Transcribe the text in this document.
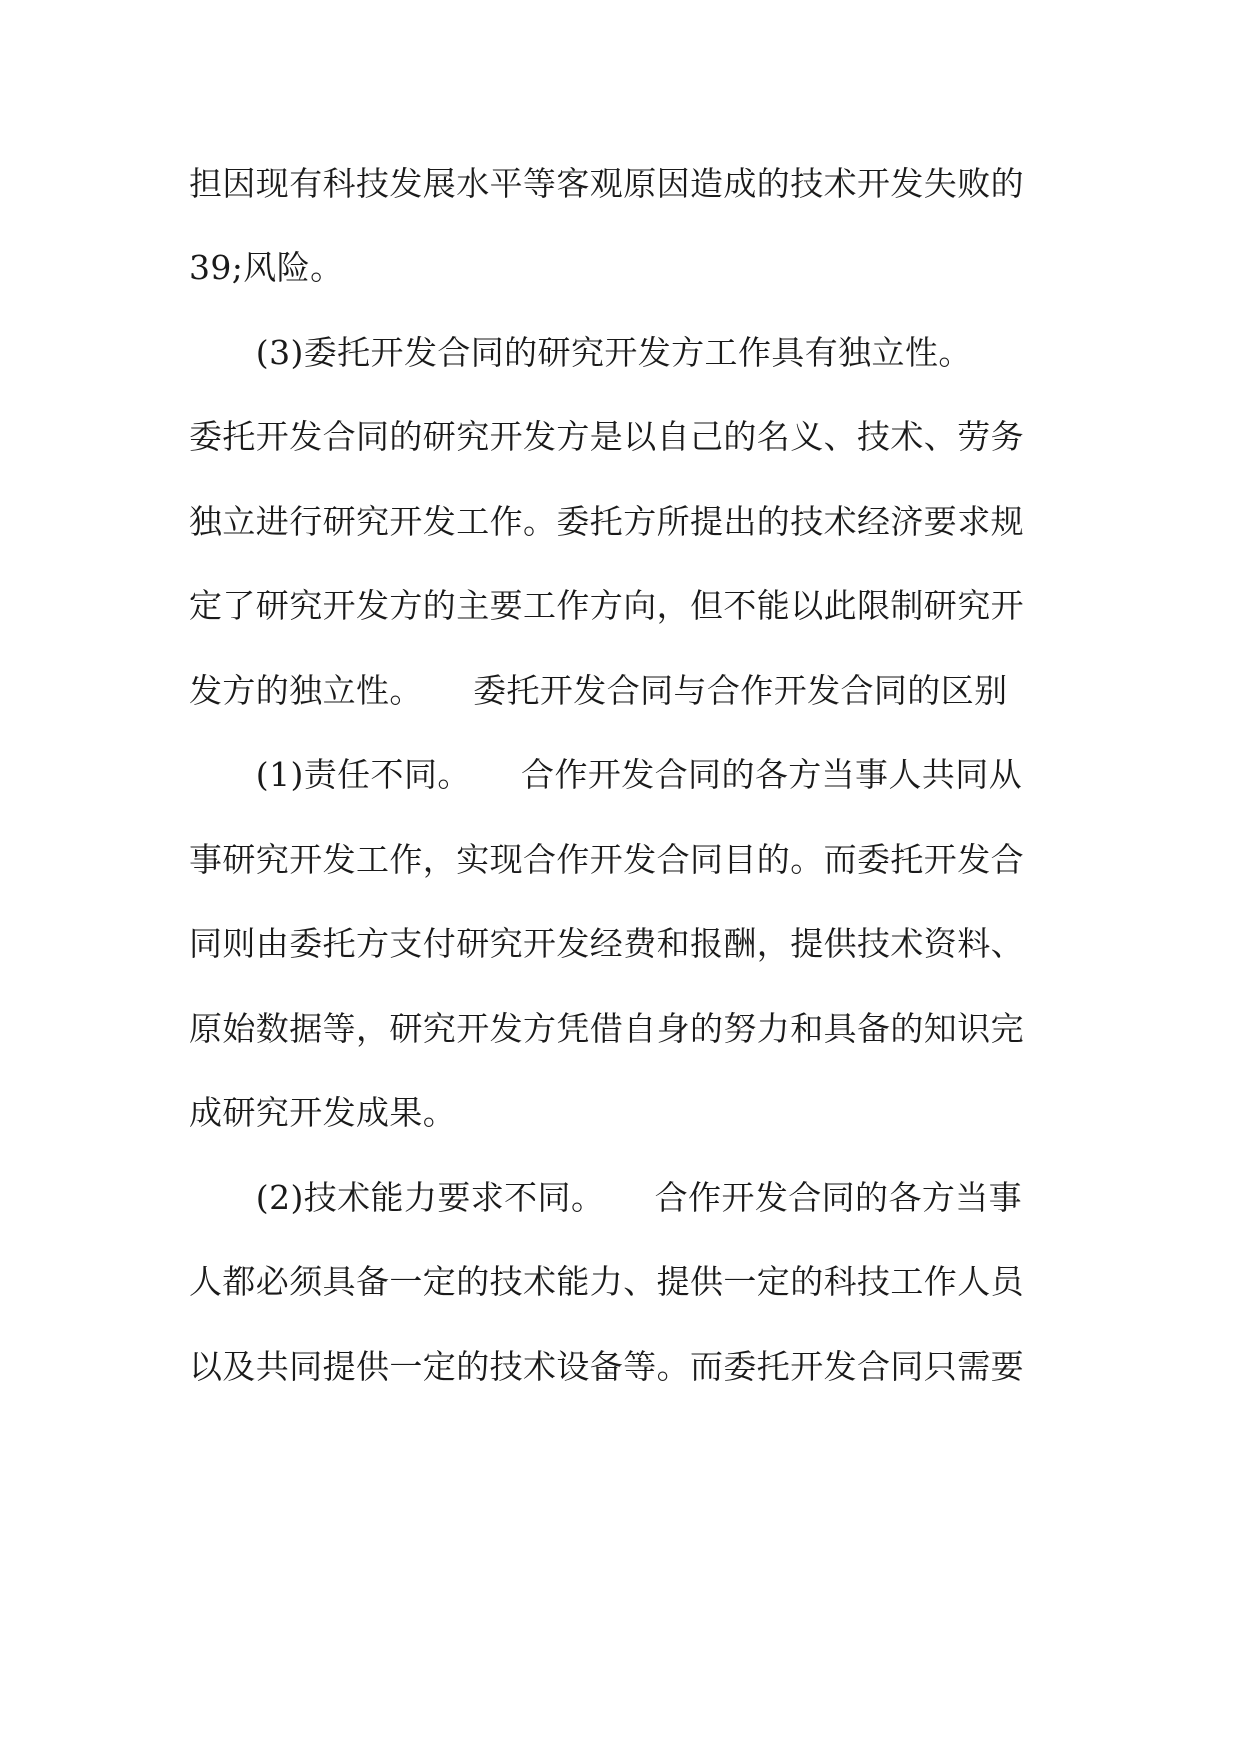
担因现有科技发展水平等客观原因造成的技术开发失败的
39;风险。
　　(3)委托开发合同的研究开发方工作具有独立性。
委托开发合同的研究开发方是以自己的名义、技术、劳务
独立进行研究开发工作。委托方所提出的技术经济要求规
定了研究开发方的主要工作方向，但不能以此限制研究开
发方的独立性。　　委托开发合同与合作开发合同的区别
　　(1)责任不同。　　合作开发合同的各方当事人共同从
事研究开发工作，实现合作开发合同目的。而委托开发合
同则由委托方支付研究开发经费和报酬，提供技术资料、
原始数据等，研究开发方凭借自身的努力和具备的知识完
成研究开发成果。
　　(2)技术能力要求不同。　　合作开发合同的各方当事
人都必须具备一定的技术能力、提供一定的科技工作人员
以及共同提供一定的技术设备等。而委托开发合同只需要
